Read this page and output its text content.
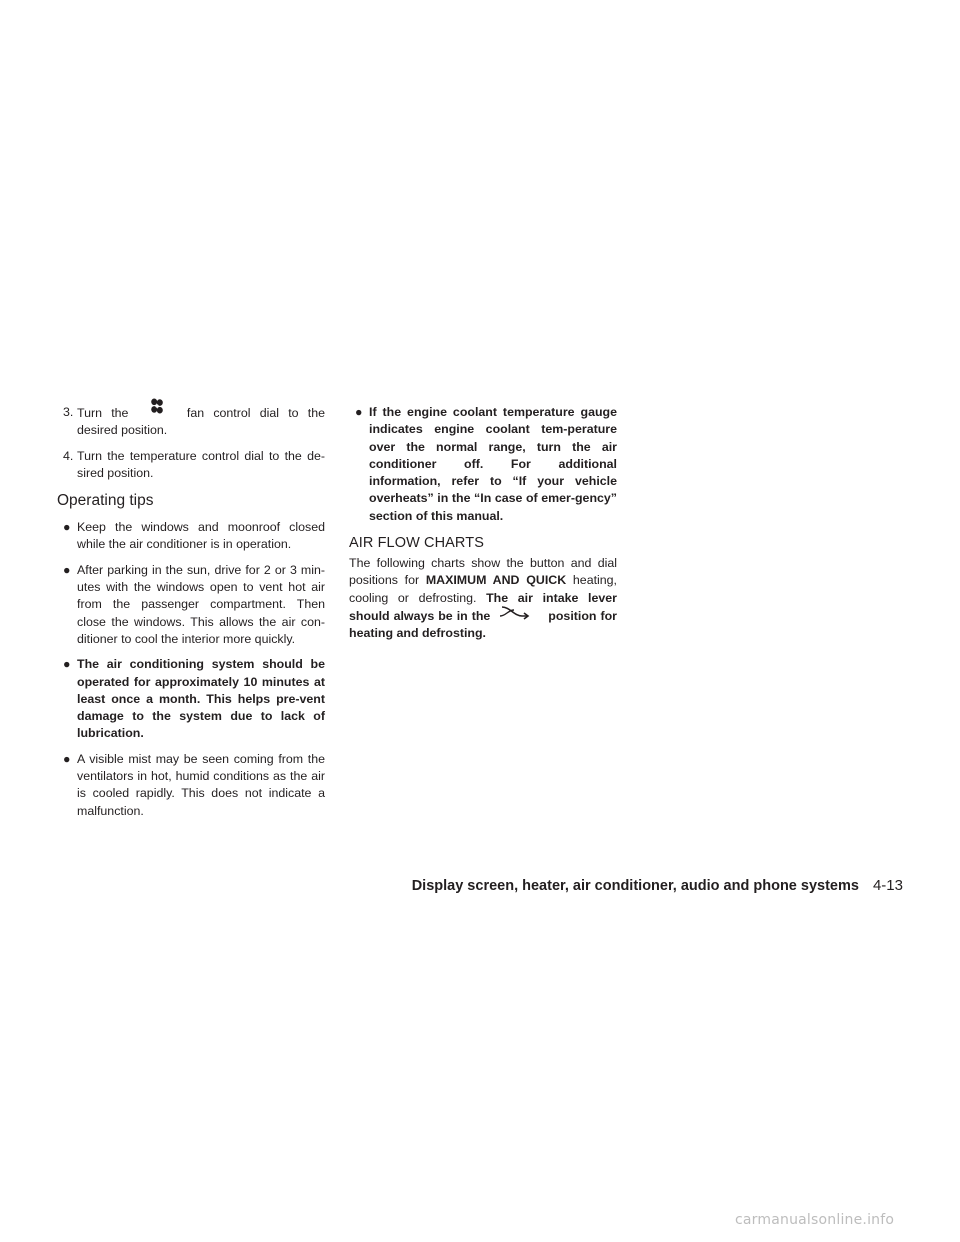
3. Turn the	fan control dial to the desired position.

4. Turn the temperature control dial to the de-sired position.

Operating tips

● Keep the windows and moonroof closed while the air conditioner is in operation.

● After parking in the sun, drive for 2 or 3 min-utes with the windows open to vent hot air from the passenger compartment. Then close the windows. This allows the air con-ditioner to cool the interior more quickly.

● The air conditioning system should be operated for approximately 10 minutes at least once a month. This helps pre-vent damage to the system due to lack of lubrication.

● A visible mist may be seen coming from the ventilators in hot, humid conditions as the air is cooled rapidly. This does not indicate a malfunction.

● If the engine coolant temperature gauge indicates engine coolant tem-perature over the normal range, turn the air conditioner off. For additional information, refer to “If your vehicle overheats” in the “In case of emer-gency” section of this manual.

AIR FLOW CHARTS

The following charts show the button and dial positions for MAXIMUM AND QUICK heating, cooling or defrosting. The air intake lever should always be in the	position for heating and defrosting.

Display screen, heater, air conditioner, audio and phone systems 4-13
carmanualsonline.info
